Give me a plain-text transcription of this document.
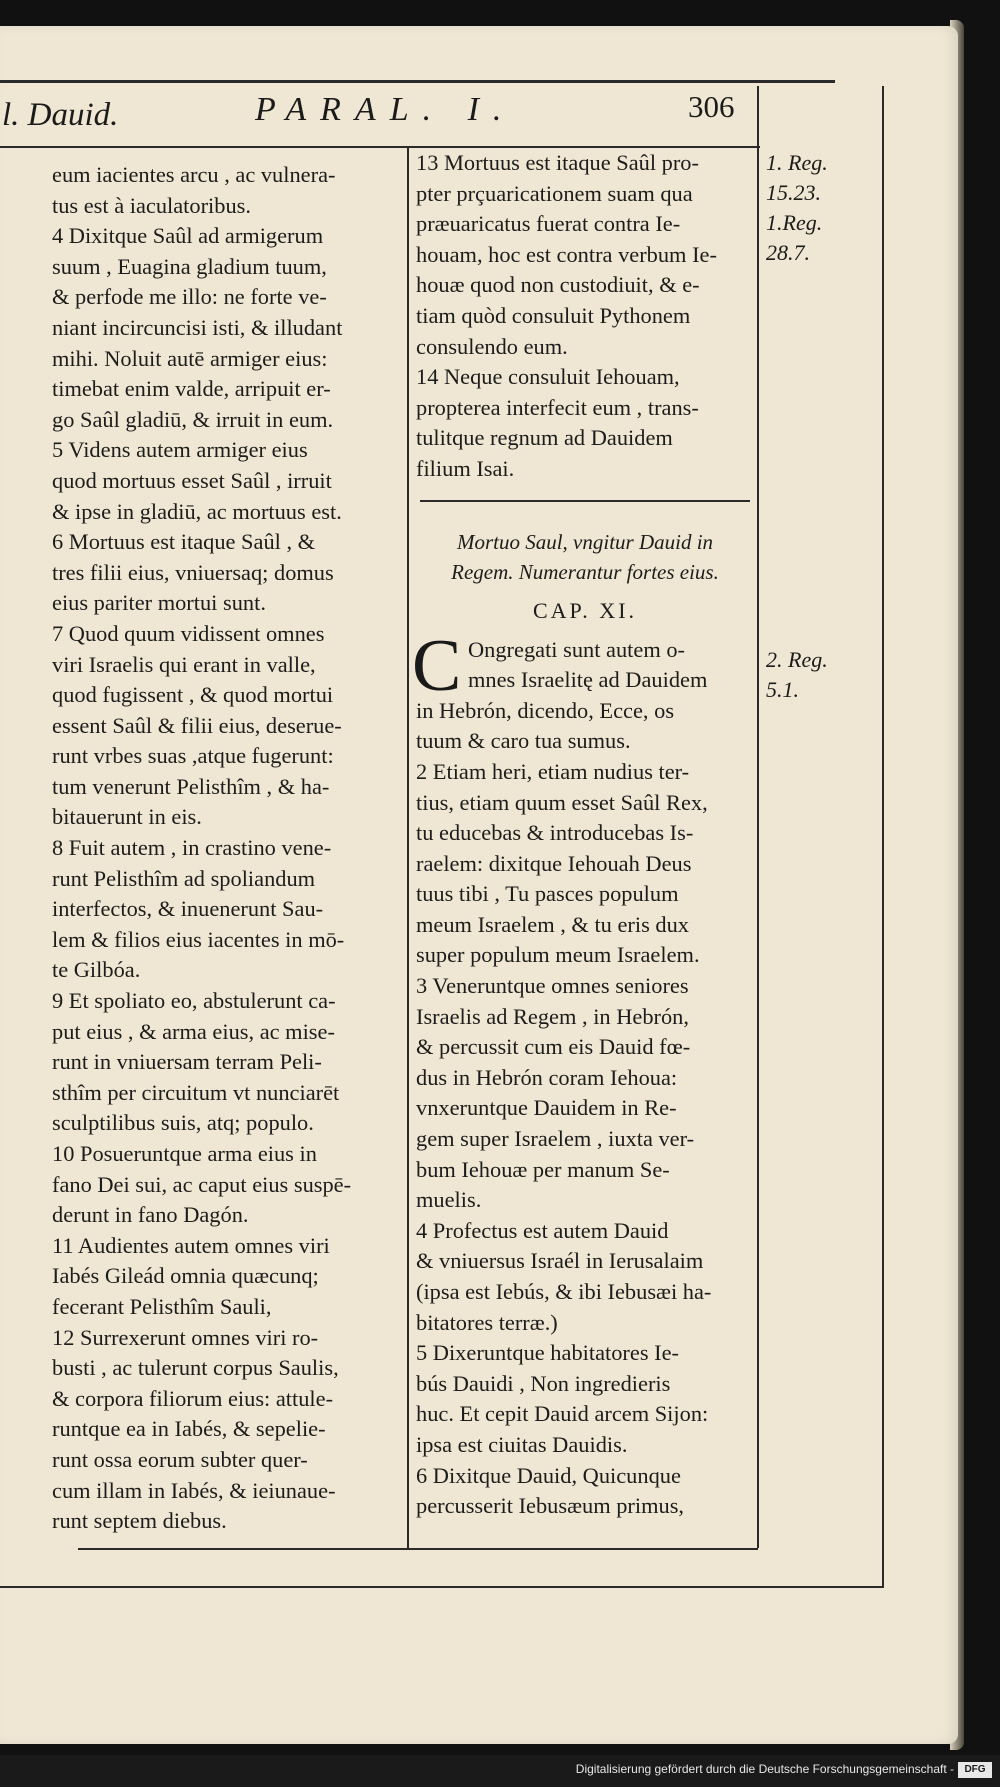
l. Dauid.	PARAL. I.	306
eum iacientes arcu , ac vulnera-
tus est à iaculatoribus.
4 Dixitque Saûl ad armigerum
suum , Euagina gladium tuum,
& perfode me illo: ne forte ve-
niant incircuncisi isti, & illudant
mihi. Noluit autē armiger eius:
timebat enim valde, arripuit er-
go Saûl gladiū, & irruit in eum.
5 Videns autem armiger eius
quod mortuus esset Saûl , irruit
& ipse in gladiū, ac mortuus est.
6 Mortuus est itaque Saûl , &
tres filii eius, vniuersaq; domus
eius pariter mortui sunt.
7 Quod quum vidissent omnes
viri Israelis qui erant in valle,
quod fugissent , & quod mortui
essent Saûl & filii eius, deserue-
runt vrbes suas ,atque fugerunt:
tum venerunt Pelisthîm , & ha-
bitauerunt in eis.
8 Fuit autem , in crastino vene-
runt Pelisthîm ad spoliandum
interfectos, & inuenerunt Sau-
lem & filios eius iacentes in mō-
te Gilbóa.
9 Et spoliato eo, abstulerunt ca-
put eius , & arma eius, ac mise-
runt in vniuersam terram Peli-
sthîm per circuitum vt nunciarēt
sculptilibus suis, atq; populo.
10 Posueruntque arma eius in
fano Dei sui, ac caput eius suspē-
derunt in fano Dagón.
11 Audientes autem omnes viri
Iabés Gileád omnia quæcunq;
fecerant Pelisthîm Sauli,
12 Surrexerunt omnes viri ro-
busti , ac tulerunt corpus Saulis,
& corpora filiorum eius: attule-
runtque ea in Iabés, & sepelie-
runt ossa eorum subter quer-
cum illam in Iabés, & ieiunaue-
runt septem diebus.
13 Mortuus est itaque Saûl pro-
pter prçuaricationem suam qua
præuaricatus fuerat contra Ie-
houam, hoc est contra verbum Ie-
houæ quod non custodiuit, & e-
tiam quòd consuluit Pythonem
consulendo eum.
14 Neque consuluit Iehouam,
propterea interfecit eum , trans-
tulitque regnum ad Dauidem
filium Isai.
Mortuo Saul, vngitur Dauid in
Regem. Numerantur fortes eius.
CAP. XI.
C Ongregati sunt autem o-
mnes Israelitę ad Dauidem
in Hebrón, dicendo, Ecce, os
tuum & caro tua sumus.
2 Etiam heri, etiam nudius ter-
tius, etiam quum esset Saûl Rex,
tu educebas & introducebas Is-
raelem: dixitque Iehouah Deus
tuus tibi , Tu pasces populum
meum Israelem , & tu eris dux
super populum meum Israelem.
3 Veneruntque omnes seniores
Israelis ad Regem , in Hebrón,
& percussit cum eis Dauid fœ-
dus in Hebrón coram Iehoua:
vnxeruntque Dauidem in Re-
gem super Israelem , iuxta ver-
bum Iehouæ per manum Se-
muelis.
4 Profectus est autem Dauid
& vniuersus Israél in Ierusalaim
(ipsa est Iebús, & ibi Iebusæi ha-
bitatores terræ.)
5 Dixeruntque habitatores Ie-
bús Dauidi , Non ingredieris
huc. Et cepit Dauid arcem Sijon:
ipsa est ciuitas Dauidis.
6 Dixitque Dauid, Quicunque
percusserit Iebusæum primus,
1. Reg.
15.23.
1.Reg.
28.7.
2. Reg.
5.1.
Digitalisierung gefördert durch die Deutsche Forschungsgemeinschaft -	DFG
